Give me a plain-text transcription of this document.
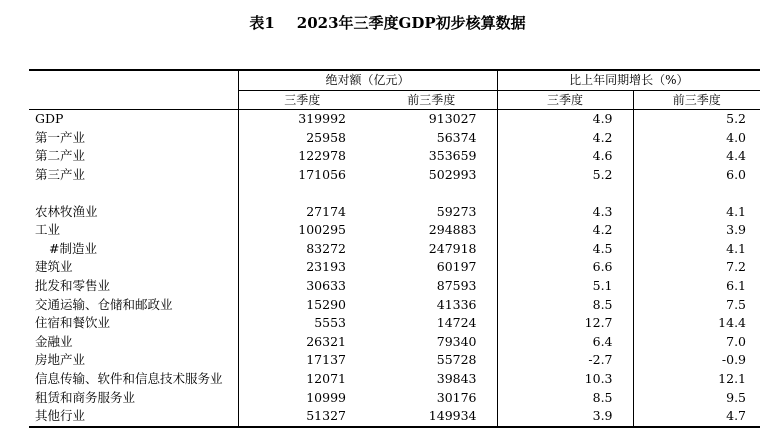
表1 2023年三季度GDP初步核算数据
	绝对额（亿元）		比上年同期增长（%）	
	三季度	前三季度	三季度	前三季度
GDP	319992	913027	4.9	5.2
第一产业	25958	56374	4.2	4.0
第二产业	122978	353659	4.6	4.4
第三产业	171056	502993	5.2	6.0

农林牧渔业	27174	59273	4.3	4.1
工业	100295	294883	4.2	3.9
#制造业	83272	247918	4.5	4.1
建筑业	23193	60197	6.6	7.2
批发和零售业	30633	87593	5.1	6.1
交通运输、仓储和邮政业	15290	41336	8.5	7.5
住宿和餐饮业	5553	14724	12.7	14.4
金融业	26321	79340	6.4	7.0
房地产业	17137	55728	-2.7	-0.9
信息传输、软件和信息技术服务业	12071	39843	10.3	12.1
租赁和商务服务业	10999	30176	8.5	9.5
其他行业	51327	149934	3.9	4.7
